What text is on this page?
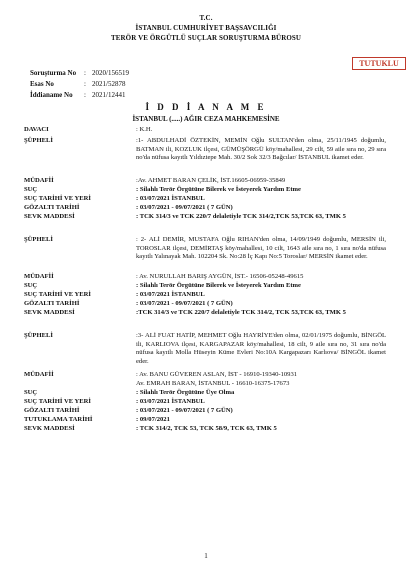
T.C.
İSTANBUL CUMHURİYET BAŞSAVCILIĞI
TERÖR VE ÖRGÜTLÜ SUÇLAR SORUŞTURMA BÜROSU
TUTUKLU
Soruşturma No : 2020/156519
Esas No	: 2021/52878
İddianame No : 2021/12441
İ D D İ A N A M E
İSTANBUL (.....) AĞIR CEZA MAHKEMESİNE
DAVACI	: K.H.
ŞÜPHELİ	:1- ABDULHADİ ÖZTEKİN, MEMİN Oğlu SULTAN'den olma, 25/11/1945 doğumlu, BATMAN ili, KOZLUK ilçesi, GÜMÜŞÖRGÜ köy/mahallesi, 29 cilt, 59 aile sıra no, 29 sıra no'da nüfusa kayıtlı Yıldıztepe Mah. 30/2 Sok 32/3 Bağcılar/ İSTANBUL ikamet eder.
MÜDAFİİ	:Av. AHMET BARAN ÇELİK, İST.16605-06959-35849
SUÇ	: Silahlı Terör Örgütüne Bilerek ve İsteyerek Yardım Etme
SUÇ TARİHİ VE YERİ	: 03/07/2021 İSTANBUL
GÖZALTI TARİHİ	: 03/07/2021 - 09/07/2021 ( 7 GÜN)
SEVK MADDESİ	: TCK 314/3 ve TCK 220/7 delaletiyle TCK 314/2,TCK 53,TCK 63, TMK 5
ŞÜPHELİ	: 2- ALİ DEMİR, MUSTAFA Oğlu RIHAN'den olma, 14/09/1949 doğumlu, MERSİN ili, TOROSLAR ilçesi, DEMİRTAŞ köy/mahallesi, 10 cilt, 1643 aile sıra no, 1 sıra no'da nüfusa kayıtlı Yalınayak Mah. 102204 Sk. No:28 İç Kapı No:5 Toroslar/ MERSİN ikamet eder.
MÜDAFİİ	: Av. NURULLAH BARIŞ AYGÜN, İST.- 16506-05248-49615
SUÇ	: Silahlı Terör Örgütüne Bilerek ve İsteyerek Yardım Etme
SUÇ TARİHİ VE YERİ	: 03/07/2021 İSTANBUL
GÖZALTI TARİHİ	: 03/07/2021 - 09/07/2021 ( 7 GÜN)
SEVK MADDESİ	:TCK 314/3 ve TCK 220/7 delaletiyle TCK 314/2, TCK 53,TCK 63, TMK 5
ŞÜPHELİ	:3- ALİ FUAT HATİP, MEHMET Oğlu HAYRİYE'den olma, 02/01/1975 doğumlu, BİNGÖL ili, KARLIOVA ilçesi, KARGAPAZAR köy/mahallesi, 18 cilt, 9 aile sıra no, 31 sıra no'da nüfusa kayıtlı Molla Hüseyin Küme Evleri No:10A Kargapazarı Karlıova/ BİNGÖL ikamet eder.
MÜDAFİİ	: Av. BANU GÜVEREN ASLAN, İST - 16910-19340-10931
Av. EMRAH BARAN, İSTANBUL - 16610-16375-17673
SUÇ	: Silahlı Terör Örgütüne Üye Olma
SUÇ TARİHİ VE YERİ	: 03/07/2021 İSTANBUL
GÖZALTI TARİHİ	: 03/07/2021 - 09/07/2021 ( 7 GÜN)
TUTUKLAMA TARİHİ	: 09/07/2021
SEVK MADDESİ	: TCK 314/2, TCK 53, TCK 58/9, TCK 63, TMK 5
1
